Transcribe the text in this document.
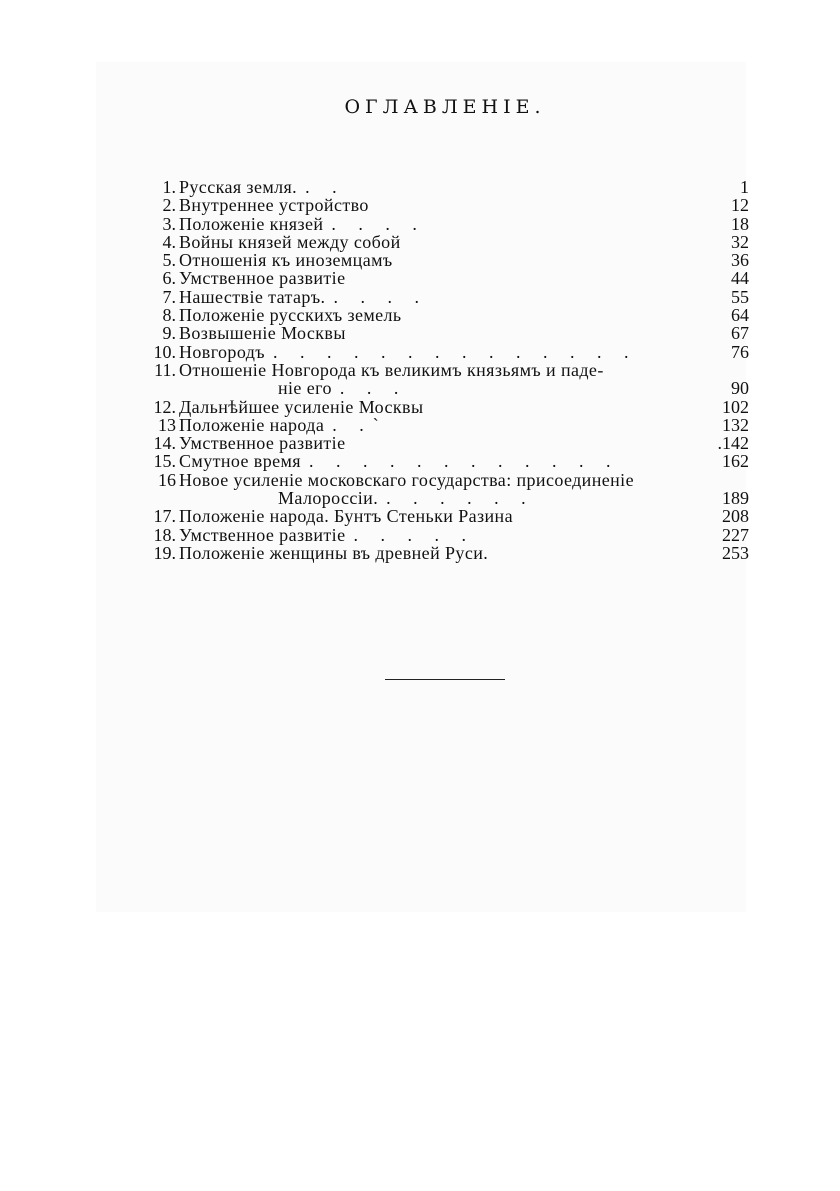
ОГЛАВЛЕНІЕ.
1. Русская земля. . .	1
2. Внутреннее устройство	12
3. Положеніе князей . . . .	18
4. Войны князей между собой	32
5. Отношенія къ иноземцамъ	36
6. Умственное развитіе	44
7. Нашествіе татаръ. . . . .	55
8. Положеніе русскихъ земель	64
9. Возвышеніе Москвы	67
10. Новгородъ . . . . . . . . . . . . . .	76
11. Отношеніе Новгорода къ великимъ князьямъ и паде-
ніе его . . .	90
12. Дальнѣйшее усиленіе Москвы	102
13 Положеніе народа . .`	132
14. Умственное развитіе	.142
15. Смутное время . . . . . . . . . . . .	162
16 Новое усиленіе московскаго государства: присоединеніе
Малороссіи. . . . . . .	189
17. Положеніе народа. Бунтъ Стеньки Разина	208
18. Умственное развитіе . . . . .	227
19. Положеніе женщины въ древней Руси.	253
